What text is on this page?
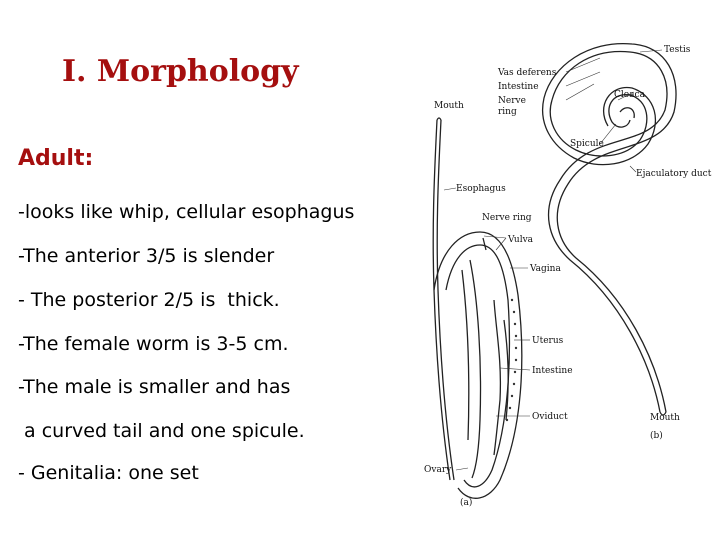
I. Morphology
Adult:

-looks like whip, cellular esophagus

-The anterior 3/5 is slender

- The posterior 2/5 is  thick.

-The female worm is 3-5 cm.

-The male is smaller and has

a curved tail and one spicule.

- Genitalia: one set

Mouth
Esophagus
Nerve ring
Vulva
Vagina
Uterus
Intestine
Oviduct
Ovary
(a)
Testis
Vas deferens
Intestine
Nerve
ring
Cloaca
Spicule
Ejaculatory duct
Mouth
(b)
